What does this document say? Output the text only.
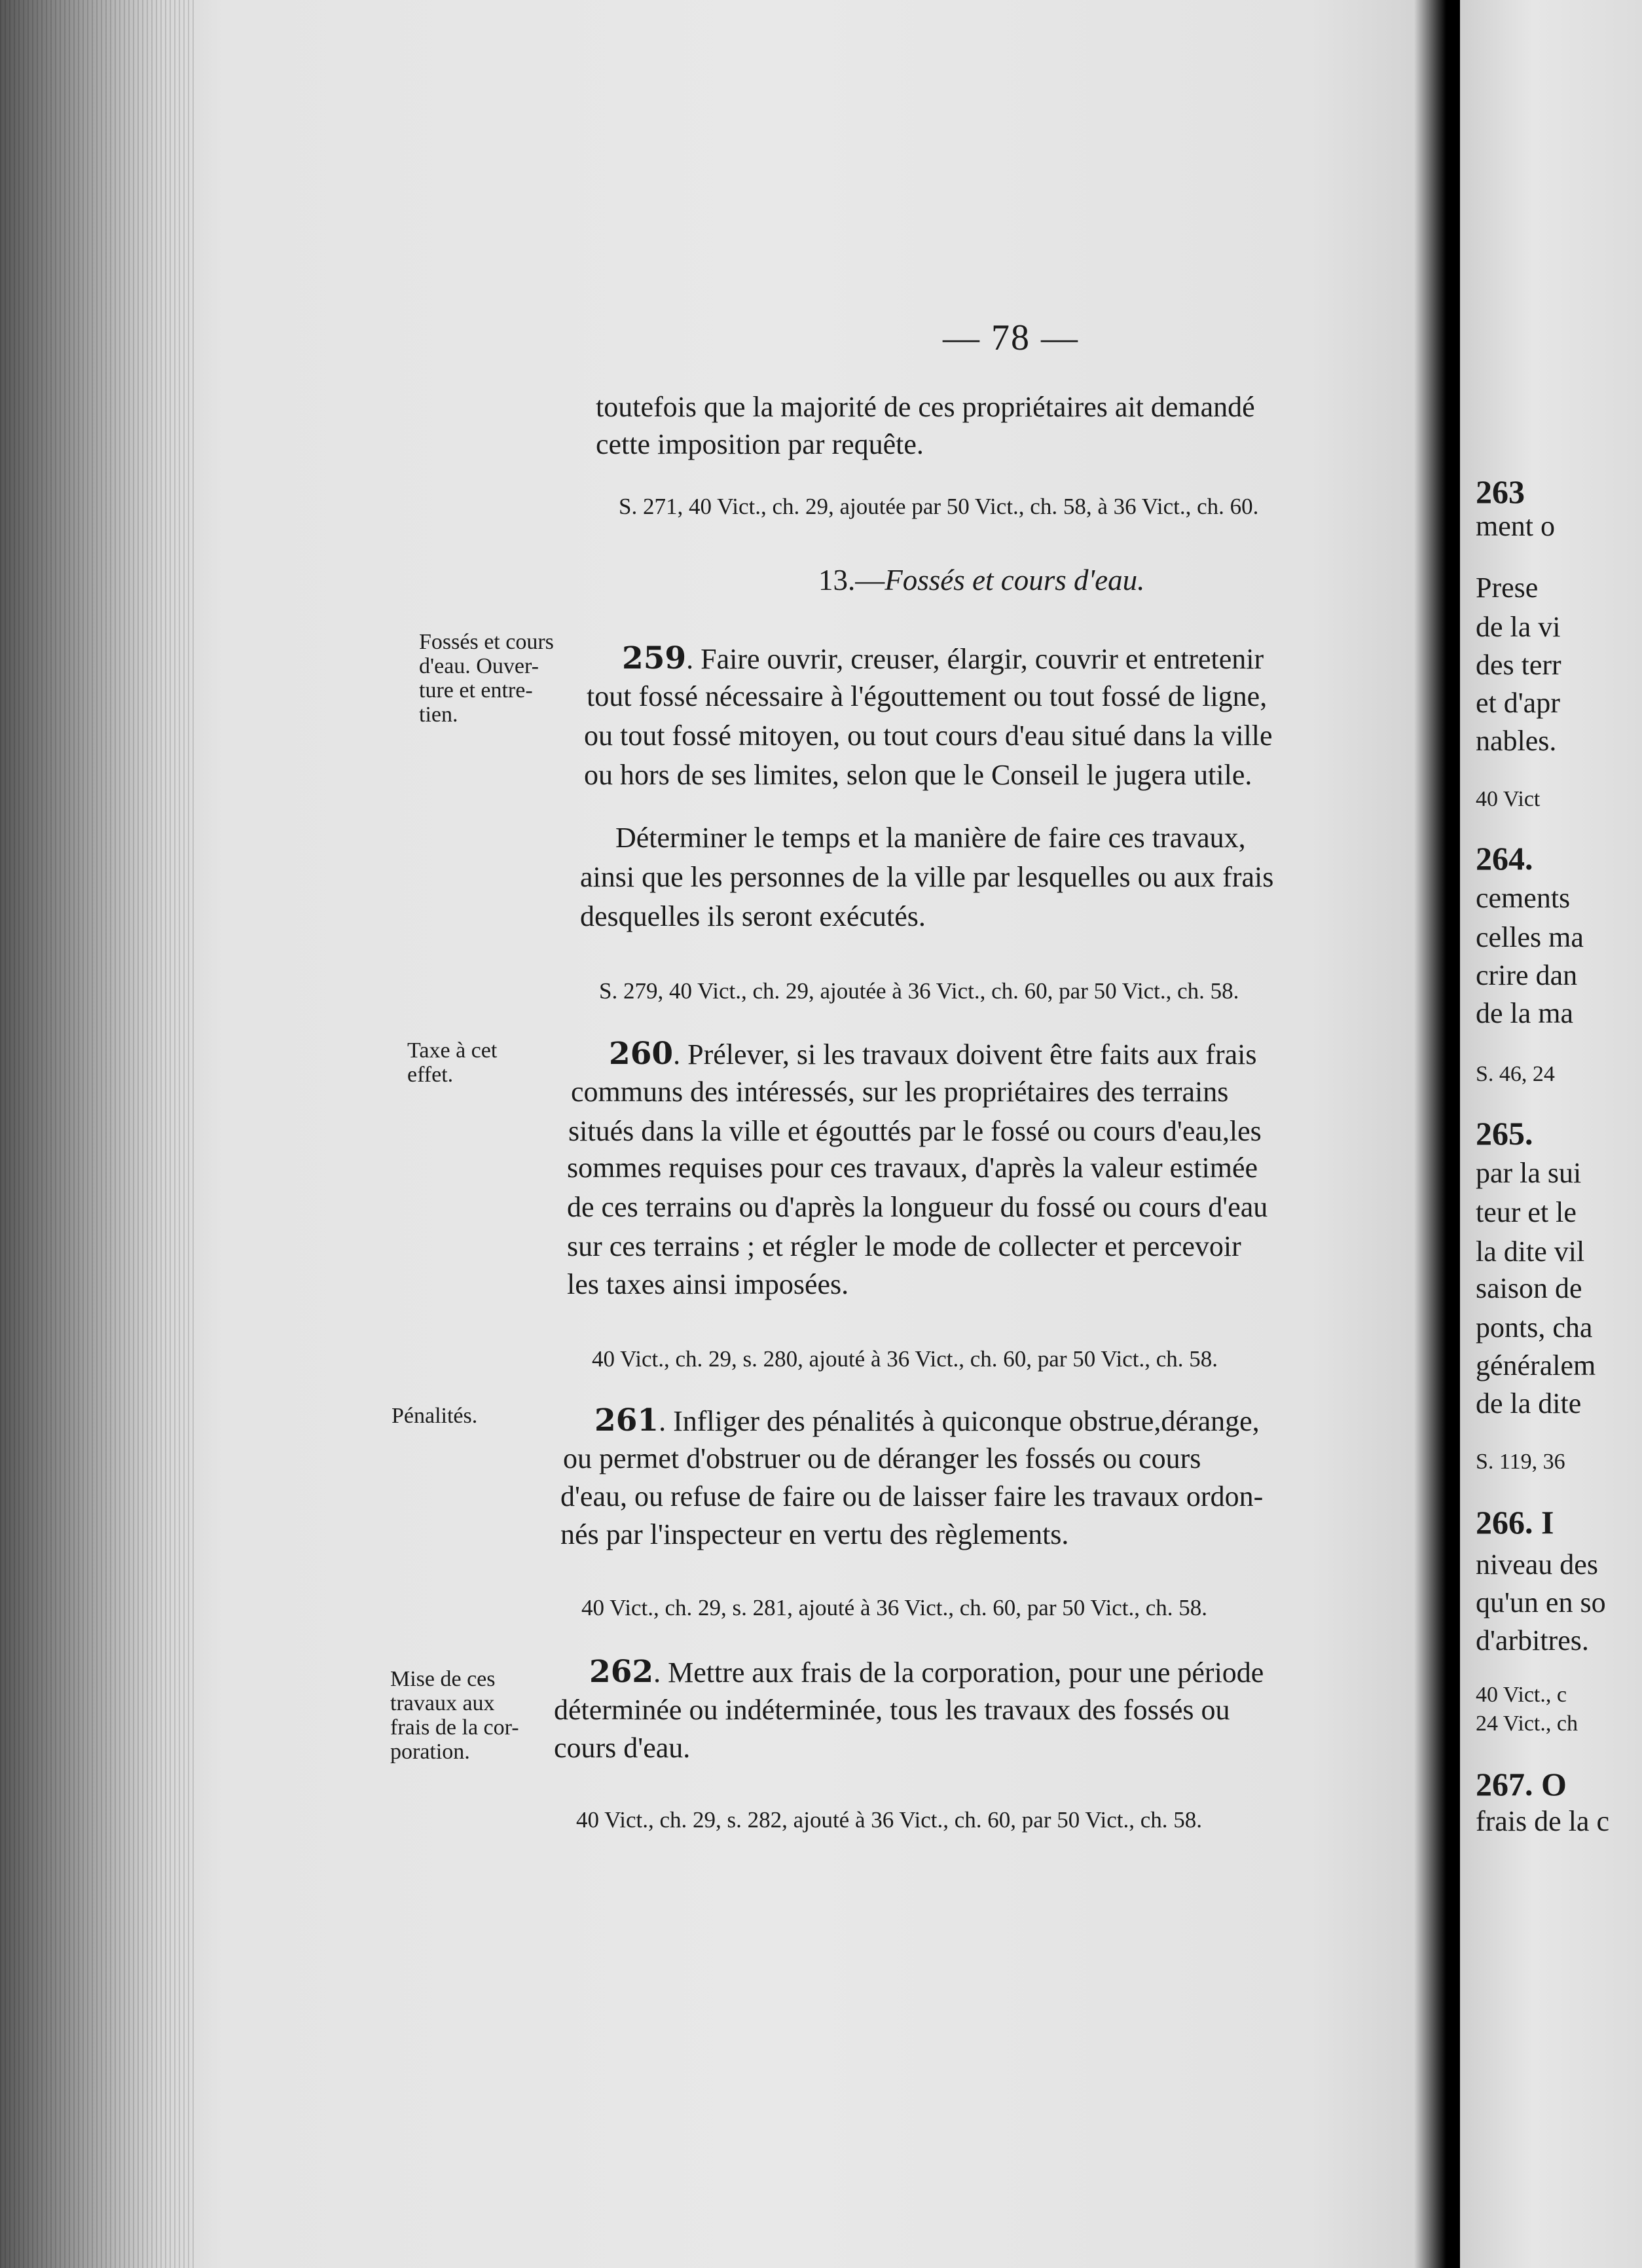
— 78 —
toutefois que la majorité de ces propriétaires ait demandé
cette imposition par requête.
S. 271, 40 Vict., ch. 29, ajoutée par 50 Vict., ch. 58, à 36 Vict., ch. 60.
13.—Fossés et cours d'eau.
Fossés et cours
d'eau. Ouver-
ture et entre-
tien.
259. Faire ouvrir, creuser, élargir, couvrir et entretenir
tout fossé nécessaire à l'égouttement ou tout fossé de ligne,
ou tout fossé mitoyen, ou tout cours d'eau situé dans la ville
ou hors de ses limites, selon que le Conseil le jugera utile.
Déterminer le temps et la manière de faire ces travaux,
ainsi que les personnes de la ville par lesquelles ou aux frais
desquelles ils seront exécutés.
S. 279, 40 Vict., ch. 29, ajoutée à 36 Vict., ch. 60, par 50 Vict., ch. 58.
Taxe à cet
effet.
260. Prélever, si les travaux doivent être faits aux frais
communs des intéressés, sur les propriétaires des terrains
situés dans la ville et égouttés par le fossé ou cours d'eau,les
sommes requises pour ces travaux, d'après la valeur estimée
de ces terrains ou d'après la longueur du fossé ou cours d'eau
sur ces terrains ; et régler le mode de collecter et percevoir
les taxes ainsi imposées.
40 Vict., ch. 29, s. 280, ajouté à 36 Vict., ch. 60, par 50 Vict., ch. 58.
Pénalités.	261. Infliger des pénalités à quiconque obstrue,dérange,
ou permet d'obstruer ou de déranger les fossés ou cours
d'eau, ou refuse de faire ou de laisser faire les travaux ordon-
nés par l'inspecteur en vertu des règlements.
40 Vict., ch. 29, s. 281, ajouté à 36 Vict., ch. 60, par 50 Vict., ch. 58.
Mise de ces
travaux aux
frais de la cor-
poration.
262. Mettre aux frais de la corporation, pour une période
déterminée ou indéterminée, tous les travaux des fossés ou
cours d'eau.
40 Vict., ch. 29, s. 282, ajouté à 36 Vict., ch. 60, par 50 Vict., ch. 58.
263
ment o
Prese
de la vi
des terr
et d'apr
nables.
40 Vict
264.
cements
celles ma
crire dan
de la ma
S. 46, 24
265.
par la sui
teur et le
la dite vil
saison de
ponts, cha
généralem
de la dite
S. 119, 36
266. I
niveau des
qu'un en so
d'arbitres.
40 Vict., c
24 Vict., ch
267. O
frais de la c
